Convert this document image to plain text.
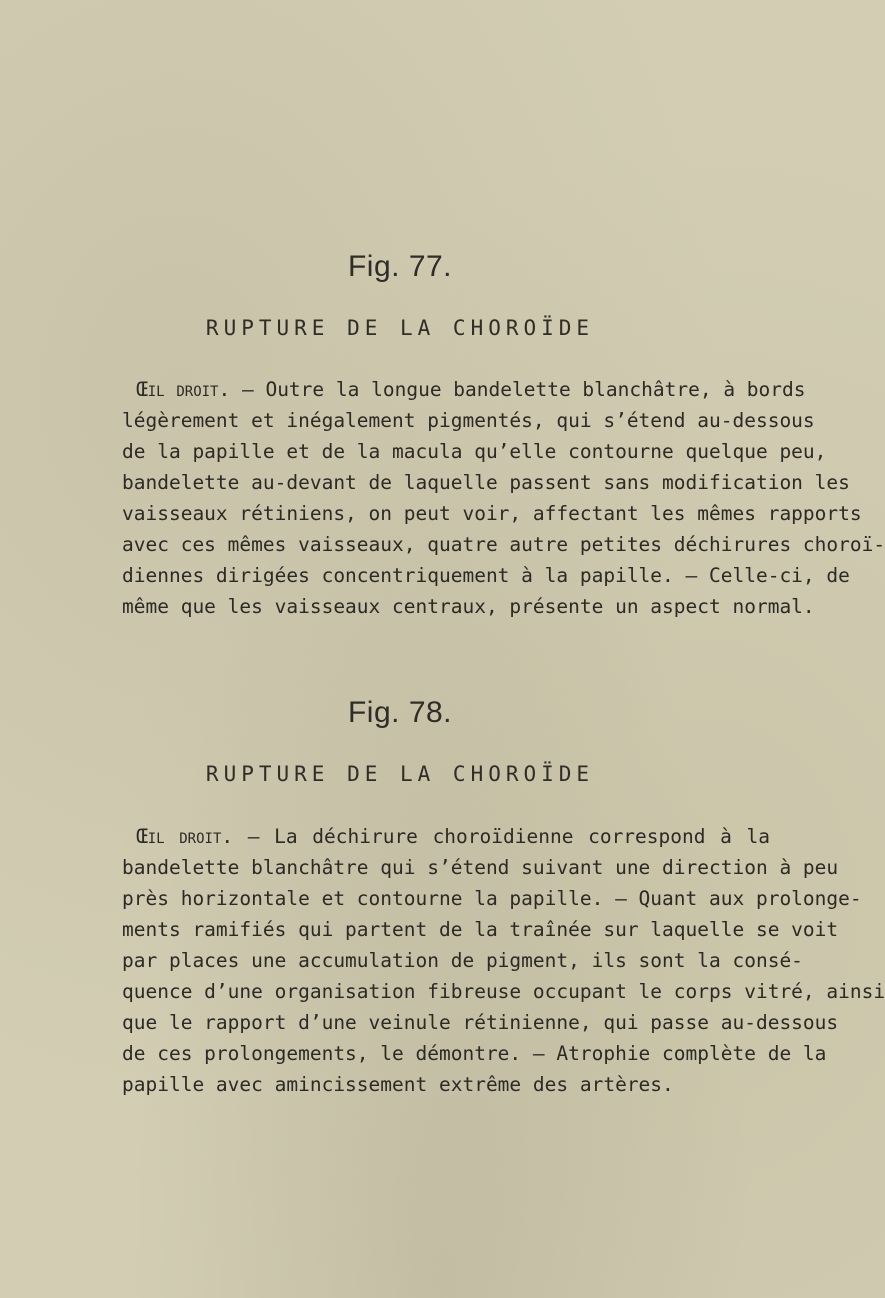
Fig. 77.
RUPTURE DE LA CHOROÏDE
Œil droit. — Outre la longue bandelette blanchâtre, à bords
légèrement et inégalement pigmentés, qui s’étend au-dessous
de la papille et de la macula qu’elle contourne quelque peu,
bandelette au-devant de laquelle passent sans modification les
vaisseaux rétiniens, on peut voir, affectant les mêmes rapports
avec ces mêmes vaisseaux, quatre autre petites déchirures choroï-
diennes dirigées concentriquement à la papille. — Celle-ci, de
même que les vaisseaux centraux, présente un aspect normal.
Fig. 78.
RUPTURE DE LA CHOROÏDE
Œil droit. — La déchirure choroïdienne correspond à la
bandelette blanchâtre qui s’étend suivant une direction à peu
près horizontale et contourne la papille. — Quant aux prolonge-
ments ramifiés qui partent de la traînée sur laquelle se voit
par places une accumulation de pigment, ils sont la consé-
quence d’une organisation fibreuse occupant le corps vitré, ainsi
que le rapport d’une veinule rétinienne, qui passe au-dessous
de ces prolongements, le démontre. — Atrophie complète de la
papille avec amincissement extrême des artères.
